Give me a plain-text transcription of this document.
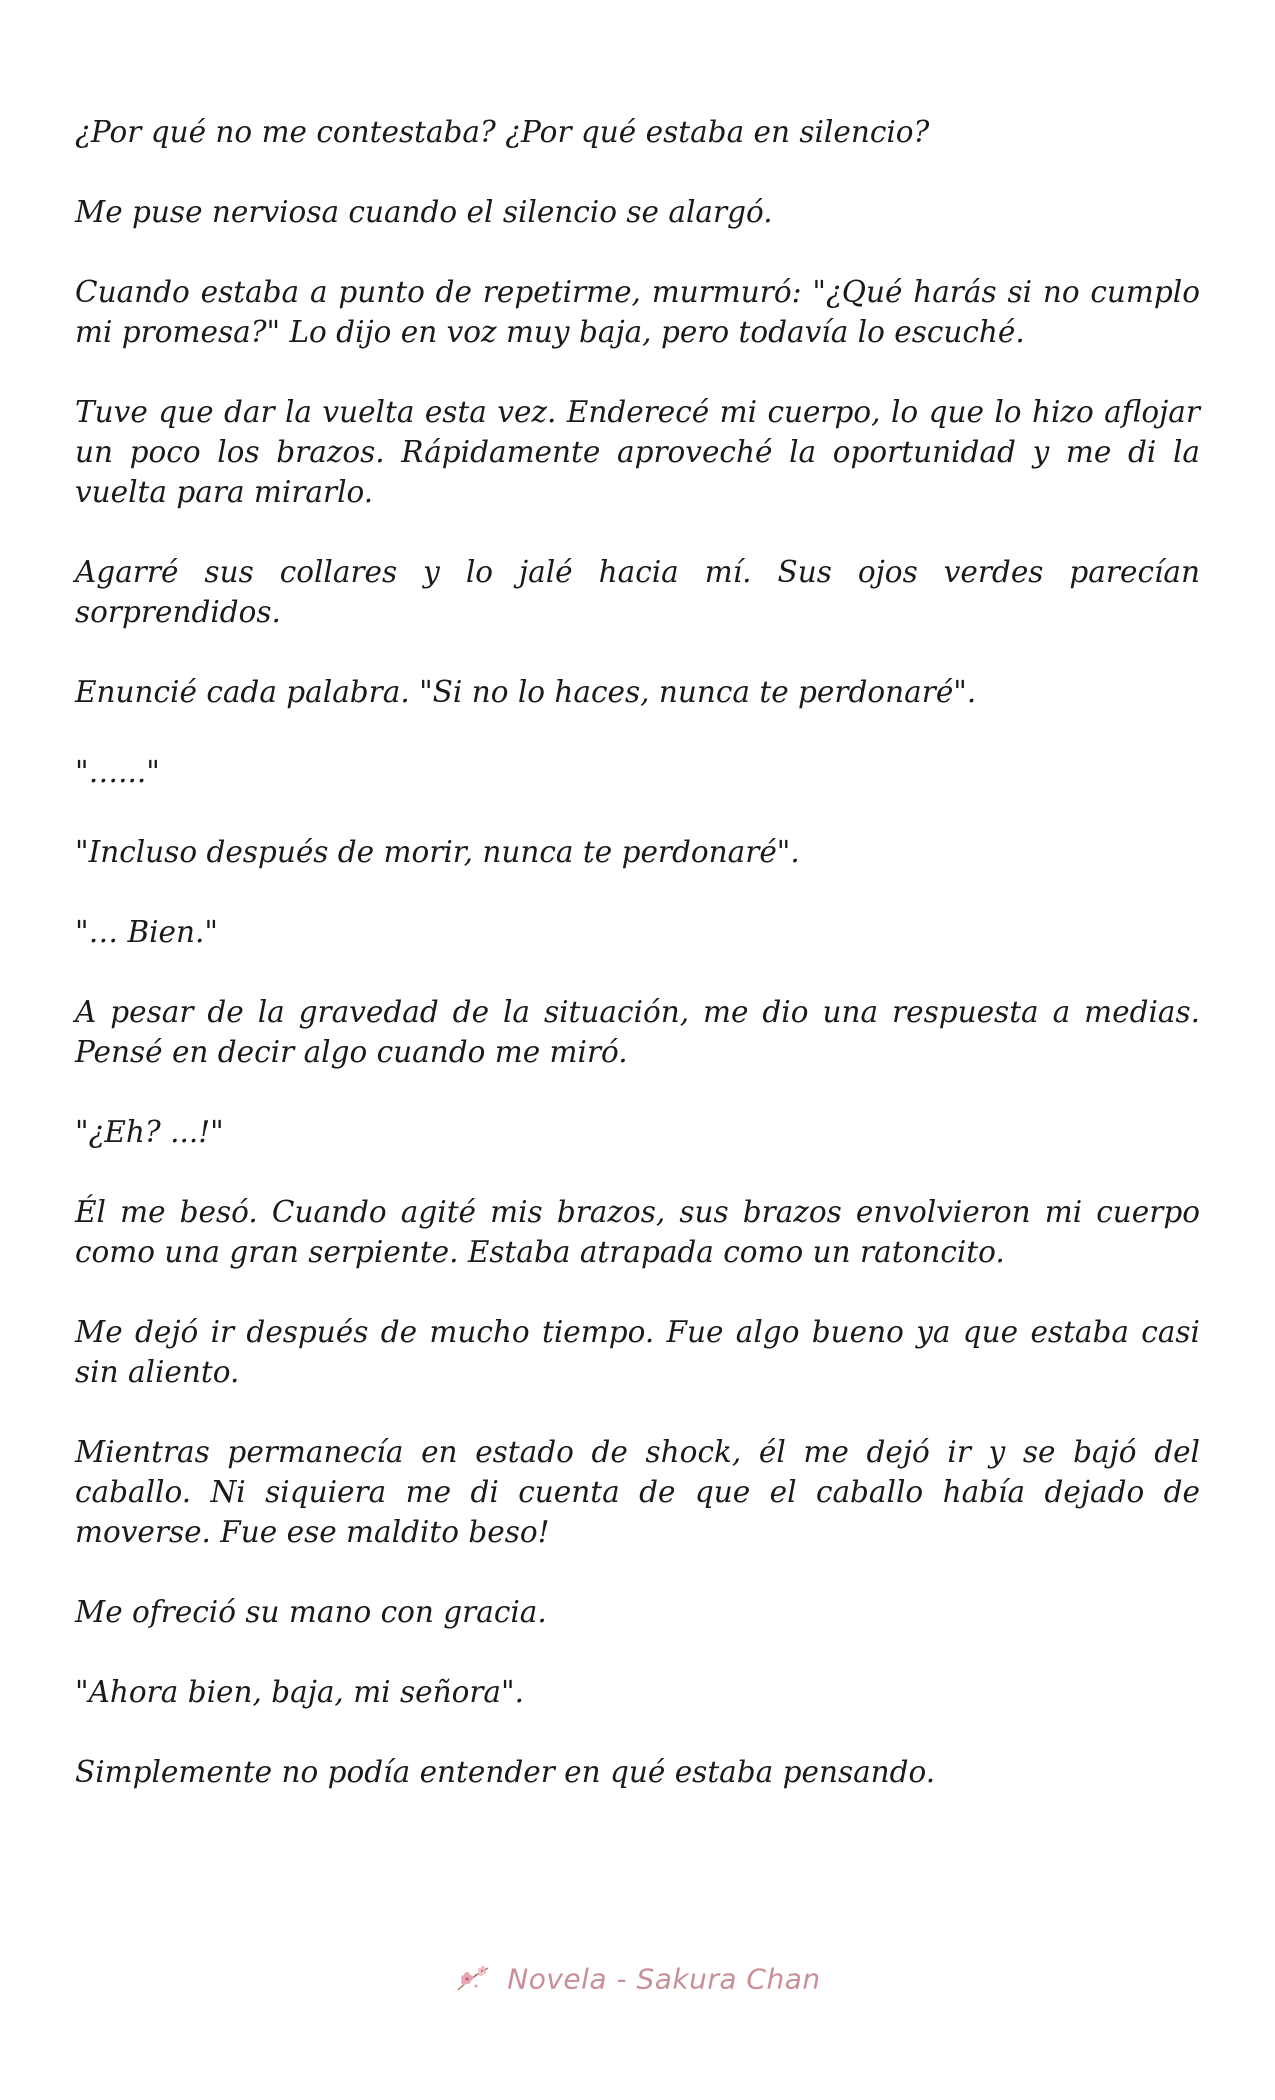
¿Por qué no me contestaba? ¿Por qué estaba en silencio?

Me puse nerviosa cuando el silencio se alargó.

Cuando estaba a punto de repetirme, murmuró: "¿Qué harás si no cumplo mi promesa?" Lo dijo en voz muy baja, pero todavía lo escuché.

Tuve que dar la vuelta esta vez. Enderecé mi cuerpo, lo que lo hizo aflojar un poco los brazos. Rápidamente aproveché la oportunidad y me di la vuelta para mirarlo.

Agarré sus collares y lo jalé hacia mí. Sus ojos verdes parecían sorprendidos.

Enuncié cada palabra. "Si no lo haces, nunca te perdonaré".

"…..."

"Incluso después de morir, nunca te perdonaré".

"… Bien."

A pesar de la gravedad de la situación, me dio una respuesta a medias. Pensé en decir algo cuando me miró.

"¿Eh? ...!"

Él me besó. Cuando agité mis brazos, sus brazos envolvieron mi cuerpo como una gran serpiente. Estaba atrapada como un ratoncito.

Me dejó ir después de mucho tiempo. Fue algo bueno ya que estaba casi sin aliento.

Mientras permanecía en estado de shock, él me dejó ir y se bajó del caballo. Ni siquiera me di cuenta de que el caballo había dejado de moverse. Fue ese maldito beso!

Me ofreció su mano con gracia.

"Ahora bien, baja, mi señora".

Simplemente no podía entender en qué estaba pensando.

Novela - Sakura Chan
